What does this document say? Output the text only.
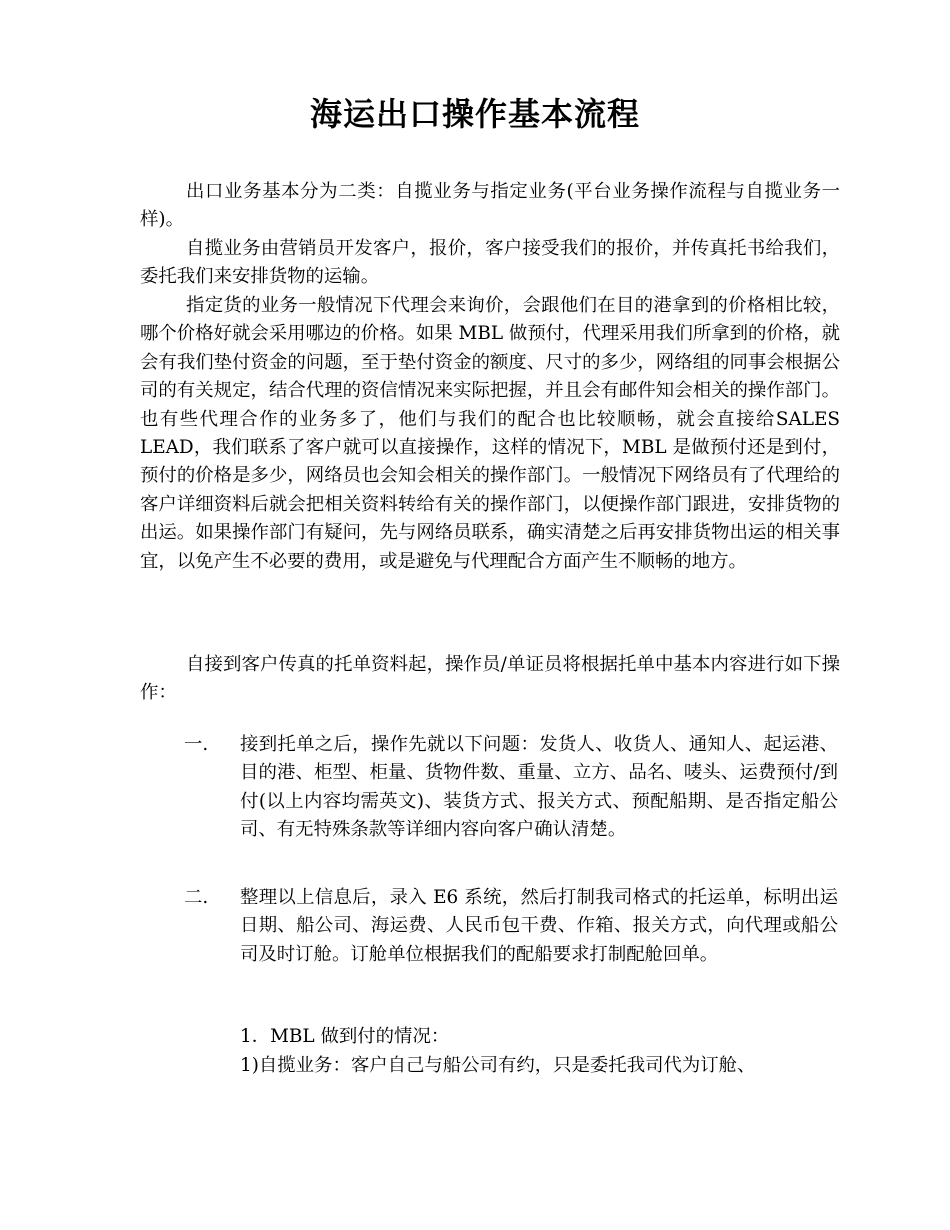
海运出口操作基本流程

出口业务基本分为二类：自揽业务与指定业务(平台业务操作流程与自揽业务一样)。

自揽业务由营销员开发客户，报价，客户接受我们的报价，并传真托书给我们，委托我们来安排货物的运输。

指定货的业务一般情况下代理会来询价，会跟他们在目的港拿到的价格相比较，哪个价格好就会采用哪边的价格。如果 MBL 做预付，代理采用我们所拿到的价格，就会有我们垫付资金的问题，至于垫付资金的额度、尺寸的多少，网络组的同事会根据公司的有关规定，结合代理的资信情况来实际把握，并且会有邮件知会相关的操作部门。也有些代理合作的业务多了，他们与我们的配合也比较顺畅，就会直接给SALES LEAD，我们联系了客户就可以直接操作，这样的情况下，MBL 是做预付还是到付，预付的价格是多少，网络员也会知会相关的操作部门。一般情况下网络员有了代理给的客户详细资料后就会把相关资料转给有关的操作部门，以便操作部门跟进，安排货物的出运。如果操作部门有疑问，先与网络员联系，确实清楚之后再安排货物出运的相关事宜，以免产生不必要的费用，或是避免与代理配合方面产生不顺畅的地方。

自接到客户传真的托单资料起，操作员/单证员将根据托单中基本内容进行如下操作：

一.	接到托单之后，操作先就以下问题：发货人、收货人、通知人、起运港、目的港、柜型、柜量、货物件数、重量、立方、品名、唛头、运费预付/到付(以上内容均需英文)、装货方式、报关方式、预配船期、是否指定船公司、有无特殊条款等详细内容向客户确认清楚。
二.	整理以上信息后，录入 E6 系统，然后打制我司格式的托运单，标明出运日期、船公司、海运费、人民币包干费、作箱、报关方式，向代理或船公司及时订舱。订舱单位根据我们的配船要求打制配舱回单。
1．MBL 做到付的情况：
1)自揽业务：客户自己与船公司有约，只是委托我司代为订舱、
